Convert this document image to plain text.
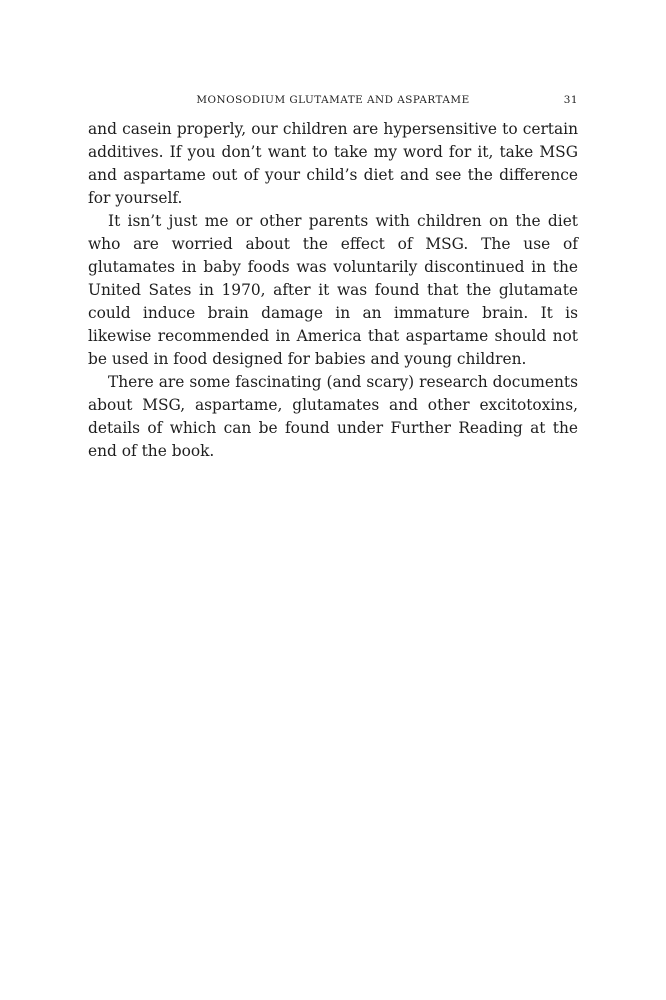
MONOSODIUM GLUTAMATE AND ASPARTAME	31

and casein properly, our children are hypersensitive to certain additives. If you don’t want to take my word for it, take MSG and aspartame out of your child’s diet and see the difference for yourself.

It isn’t just me or other parents with children on the diet who are worried about the effect of MSG. The use of glutamates in baby foods was voluntarily discontinued in the United Sates in 1970, after it was found that the glutamate could induce brain damage in an immature brain. It is likewise recommended in America that aspartame should not be used in food designed for babies and young children.

There are some fascinating (and scary) research documents about MSG, aspartame, glutamates and other excitotoxins, details of which can be found under Further Reading at the end of the book.
